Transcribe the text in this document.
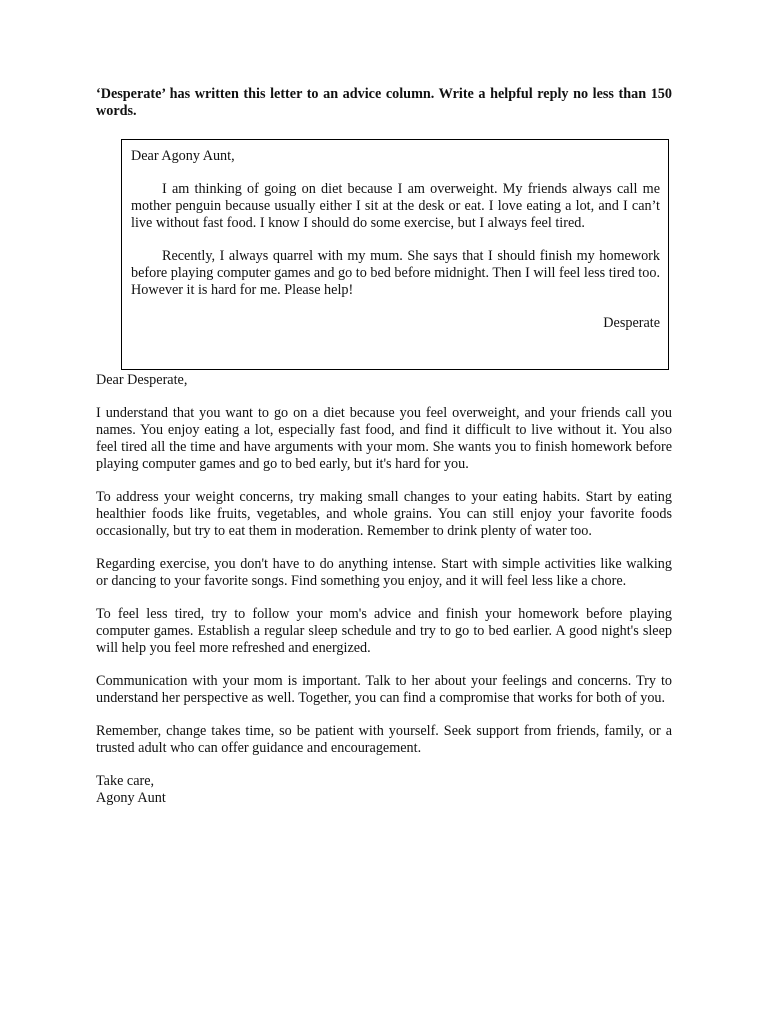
‘Desperate’ has written this letter to an advice column. Write a helpful reply no less than 150 words.

Dear Agony Aunt,

I am thinking of going on diet because I am overweight. My friends always call me mother penguin because usually either I sit at the desk or eat. I love eating a lot, and I can’t live without fast food. I know I should do some exercise, but I always feel tired.

Recently, I always quarrel with my mum. She says that I should finish my homework before playing computer games and go to bed before midnight. Then I will feel less tired too. However it is hard for me. Please help!

Desperate

Dear Desperate,

I understand that you want to go on a diet because you feel overweight, and your friends call you names. You enjoy eating a lot, especially fast food, and find it difficult to live without it. You also feel tired all the time and have arguments with your mom. She wants you to finish homework before playing computer games and go to bed early, but it's hard for you.

To address your weight concerns, try making small changes to your eating habits. Start by eating healthier foods like fruits, vegetables, and whole grains. You can still enjoy your favorite foods occasionally, but try to eat them in moderation. Remember to drink plenty of water too.

Regarding exercise, you don't have to do anything intense. Start with simple activities like walking or dancing to your favorite songs. Find something you enjoy, and it will feel less like a chore.

To feel less tired, try to follow your mom's advice and finish your homework before playing computer games. Establish a regular sleep schedule and try to go to bed earlier. A good night's sleep will help you feel more refreshed and energized.

Communication with your mom is important. Talk to her about your feelings and concerns. Try to understand her perspective as well. Together, you can find a compromise that works for both of you.

Remember, change takes time, so be patient with yourself. Seek support from friends, family, or a trusted adult who can offer guidance and encouragement.

Take care,

Agony Aunt
